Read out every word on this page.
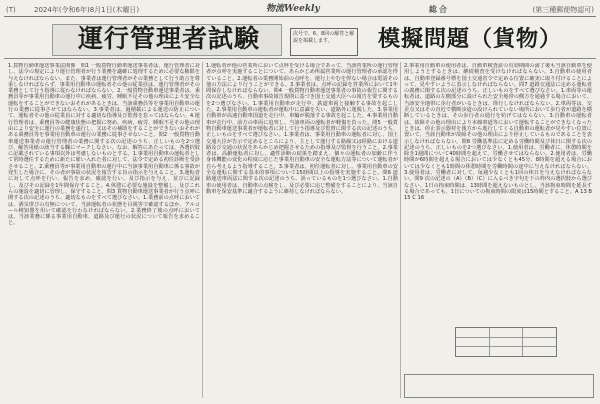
(T)	2024年(令和6年)8月1日(木曜日)	物流Weekly	総合	(第三種郵便物認可)
運行管理者試験	次号で、6、8回の解答と解説を掲載します。	模擬問題（貨物）

1.貨物自動車運送事業法関係　問1 一般貨物自動車運送事業者は、運行管理者に対し、法令の規定により運行管理者が行う業務を適確に処理するために必要な権限を与えなければならない。また、事業者は運行管理者がその業務として行う助言を尊重しなければならず、事業用自動車の運転者その他の従業員は、運行管理者がその業務として行う指導に従わなければならない。2.一般貨物自動車運送事業者は、乗務員等が事業用自動車の運行中に疾病、疲労、睡眠不足その他の理由により安全な運転をすることができないおそれがあるときは、当該乗務員等を事業用自動車の運行の業務に従事させてはならない。3.事業者は、過積載による運送の防止について、運転者その他の従業員に対する適切な指導及び監督を怠ってはならない。4.運行管理者は、乗務員等の健康状態の把握に努め、疾病、疲労、睡眠不足その他の理由により安全に運行の業務を遂行し、又はその補助をすることができないおそれがある乗務員等を事業用自動車の運行の業務に従事させないこと。問2 一般貨物自動車運送事業者の運行管理者の業務に関する次の記述のうち、正しいものを2つ選び、解答用紙の該当する欄にマークしなさい。なお、解答にあたっては、各選択肢に記載されている事項以外は考慮しないものとする。1.事業用自動車の運転者として常時選任するために新たに雇い入れた者に対して、法令で定める初任診断を受診させること。2.乗務員等が事業用自動車の運行中に当該事業用自動車に係る事故が発生した場合に、その者が事故の状況を報告する旨の指示を与えること。3.運転者に対して点呼を行い、報告を求め、確認を行い、及び指示を与え、並びに記録し、及びその記録を1年間保存すること。4.休憩に必要な施設を整備し、及びこれらの施設を適切に管理し、保守すること。問3 貨物自動車運送事業者が行う点呼に関する次の記述のうち、適切なものをすべて選びなさい。1.業務前の点呼においては、酒気帯びの有無について、当該運転者の状態を目視等で確認するほか、アルコール検知器を用いて確認を行わなければならない。2.業務終了後の点呼においては、当該業務に係る事業用自動車、道路及び運行の状況について報告を求めること。

1.運転者が他の営業所において点呼を受ける場合であって、当該営業所の運行管理者が点呼を実施することについて、あらかじめ所属営業所の運行管理者の承認を得ていること。2.運転者の業務開始前の点呼を、運行上やむを得ない場合は電話その他の方法により行うことができる。3.事業者は、点呼の記録を営業所において1年間保存しなければならない。問4 一般貨物自動車運送事業者の事故の報告に関する次の記述のうち、自動車事故報告規則に基づき国土交通大臣への報告を要するものを2つ選びなさい。1.事業用自動車が走行中、鉄道車両と接触する事故を起こした。2.事業用自動車の運転者が運転中に意識を失い、道路外に逸脱した。3.事業用自動車が高速自動車国道を走行中、車輪が脱落する事故を起こした。4.事業用自動車が走行中、前方の車両に追突し、当該車両の運転者が軽傷を負った。問5 一般貨物自動車運送事業者が運転者に対して行う指導及び監督に関する次の記述のうち、正しいものをすべて選びなさい。1.事業者は、事業用自動車の運転者に対し、国土交通大臣が告示で定めるところにより、主として運行する路線又は経路における道路及び交通の状況をあらかじめ把握させるための指導及び監督を行うこと。2.事業者は、高齢運転者に対し、適性診断の結果を踏まえ、個々の運転者の加齢に伴う身体機能の変化の程度に応じた事業用自動車の安全な運転方法等について運転者が自ら考えるよう指導すること。3.事業者は、初任運転者に対し、事業用自動車の安全な運転に関する基本的事項について15時間以上の指導を実施すること。問6 道路運送車両法に関する次の記述のうち、誤っているものを1つ選びなさい。1.自動車の使用者は、自動車の点検をし、及び必要に応じ整備をすることにより、当該自動車を保安基準に適合するように維持しなければならない。

2.事業用自動車の使用者は、自動車検査証の有効期間の満了後も当該自動車を使用しようとするときは、継続検査を受けなければならない。3.自動車の使用者は、自動車登録番号標を国土交通省令で定める位置に確実に取り付けることによって、見やすいように表示しなければならない。問7 道路交通法に定める運転者の義務に関する次の記述のうち、正しいものをすべて選びなさい。1.車両等の運転者は、道路の左側部分に設けられた安全地帯の側方を通過する場合において、当該安全地帯に歩行者がいるときは、徐行しなければならない。2.車両等は、交差点又はその直近で横断歩道の設けられていない場所において歩行者が道路を横断しているときは、その歩行者の通行を妨げてはならない。3.自動車の運転者は、故障その他の理由により本線車道等において運転することができなくなったときは、停止表示器材を後方から進行してくる自動車の運転者が見やすい位置に置いて、当該自動車が故障その他の理由により停止しているものであることを表示しなければならない。問8 労働基準法に定める労働時間及び休日に関する次の記述のうち、正しいものを2つ選びなさい。1.使用者は、労働者に、休憩時間を除き1週間について40時間を超えて、労働させてはならない。2.使用者は、労働時間が6時間を超える場合においては少なくとも45分、8時間を超える場合においては少なくとも1時間の休憩時間を労働時間の途中に与えなければならない。3.使用者は、労働者に対して、毎週少なくとも1回の休日を与えなければならない。問9 次の記述の（A）（B）（C）に入るべき字句を下の枠内の選択肢から選びなさい。1日の拘束時間は、13時間を超えないものとし、当該拘束時間を延長する場合であっても、1日についての拘束時間の限度は15時間とすること。A 13 B 15 C 16
